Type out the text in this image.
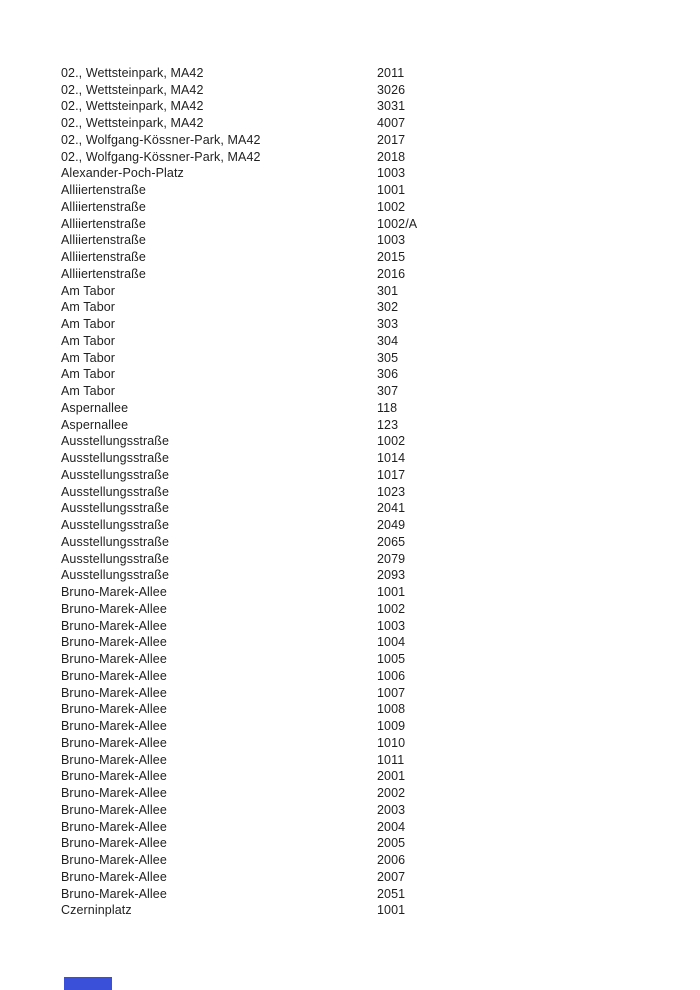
02., Wettsteinpark, MA42	2011
02., Wettsteinpark, MA42	3026
02., Wettsteinpark, MA42	3031
02., Wettsteinpark, MA42	4007
02., Wolfgang-Kössner-Park, MA42	2017
02., Wolfgang-Kössner-Park, MA42	2018
Alexander-Poch-Platz	1003
Alliiertenstraße	1001
Alliiertenstraße	1002
Alliiertenstraße	1002/A
Alliiertenstraße	1003
Alliiertenstraße	2015
Alliiertenstraße	2016
Am Tabor	301
Am Tabor	302
Am Tabor	303
Am Tabor	304
Am Tabor	305
Am Tabor	306
Am Tabor	307
Aspernallee	118
Aspernallee	123
Ausstellungsstraße	1002
Ausstellungsstraße	1014
Ausstellungsstraße	1017
Ausstellungsstraße	1023
Ausstellungsstraße	2041
Ausstellungsstraße	2049
Ausstellungsstraße	2065
Ausstellungsstraße	2079
Ausstellungsstraße	2093
Bruno-Marek-Allee	1001
Bruno-Marek-Allee	1002
Bruno-Marek-Allee	1003
Bruno-Marek-Allee	1004
Bruno-Marek-Allee	1005
Bruno-Marek-Allee	1006
Bruno-Marek-Allee	1007
Bruno-Marek-Allee	1008
Bruno-Marek-Allee	1009
Bruno-Marek-Allee	1010
Bruno-Marek-Allee	1011
Bruno-Marek-Allee	2001
Bruno-Marek-Allee	2002
Bruno-Marek-Allee	2003
Bruno-Marek-Allee	2004
Bruno-Marek-Allee	2005
Bruno-Marek-Allee	2006
Bruno-Marek-Allee	2007
Bruno-Marek-Allee	2051
Czerninplatz	1001
